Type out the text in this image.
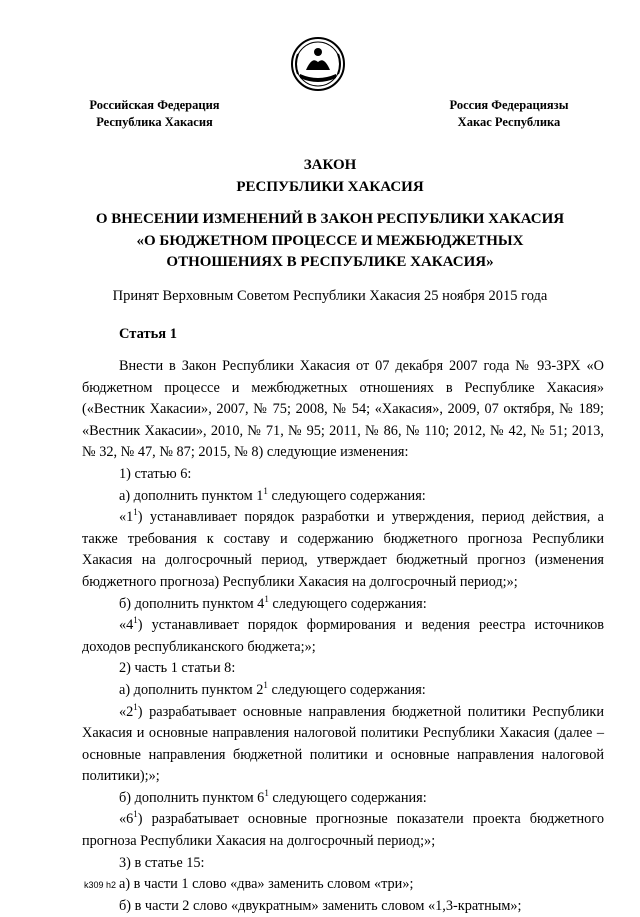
Российская Федерация
Республика Хакасия
Россия Федерациязы
Хакас Республика
ЗАКОН
РЕСПУБЛИКИ ХАКАСИЯ
О ВНЕСЕНИИ ИЗМЕНЕНИЙ В ЗАКОН РЕСПУБЛИКИ ХАКАСИЯ
«О БЮДЖЕТНОМ ПРОЦЕССЕ И МЕЖБЮДЖЕТНЫХ
ОТНОШЕНИЯХ В РЕСПУБЛИКЕ ХАКАСИЯ»
Принят Верховным Советом Республики Хакасия 25 ноября 2015 года
Статья 1

Внести в Закон Республики Хакасия от 07 декабря 2007 года № 93-ЗРХ «О бюджетном процессе и межбюджетных отношениях в Республике Хакасия» («Вестник Хакасии», 2007, № 75; 2008, № 54; «Хакасия», 2009, 07 октября, № 189; «Вестник Хакасии», 2010, № 71, № 95; 2011, № 86, № 110; 2012, № 42, № 51; 2013, № 32, № 47, № 87; 2015, № 8) следующие изменения:

1) статью 6:

а) дополнить пунктом $1^1$ следующего содержания:

«$1^1$) устанавливает порядок разработки и утверждения, период действия, а также требования к составу и содержанию бюджетного прогноза Республики Хакасия на долгосрочный период, утверждает бюджетный прогноз (изменения бюджетного прогноза) Республики Хакасия на долгосрочный период;»;

б) дополнить пунктом $4^1$ следующего содержания:

«$4^1$) устанавливает порядок формирования и ведения реестра источников доходов республиканского бюджета;»;

2) часть 1 статьи 8:

а) дополнить пунктом $2^1$ следующего содержания:

«$2^1$) разрабатывает основные направления бюджетной политики Республики Хакасия и основные направления налоговой политики Республики Хакасия (далее – основные направления бюджетной политики и основные направления налоговой политики);»;

б) дополнить пунктом $6^1$ следующего содержания:

«$6^1$) разрабатывает основные прогнозные показатели проекта бюджетного прогноза Республики Хакасия на долгосрочный период;»;

3) в статье 15:

а) в части 1 слово «два» заменить словом «три»;

б) в части 2 слово «двукратным» заменить словом «1,3-кратным»;

k309 h2
